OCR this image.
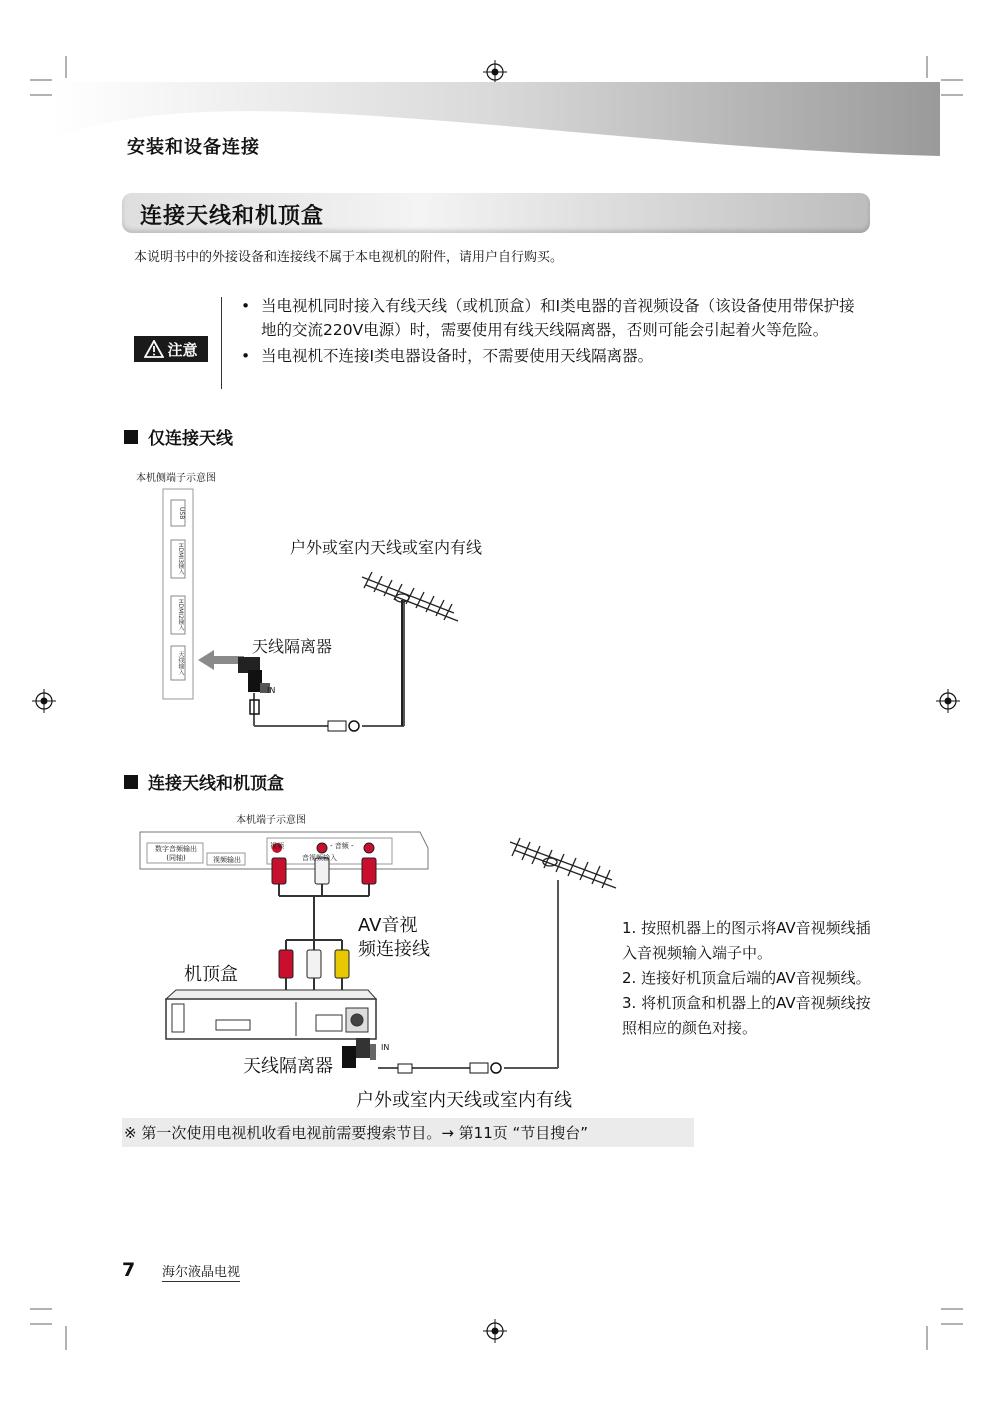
安装和设备连接
连接天线和机顶盒
本说明书中的外接设备和连接线不属于本电视机的附件，请用户自行购买。
注意
• 当电视机同时接入有线天线（或机顶盒）和I类电器的音视频设备（该设备使用带保护接地的交流220V电源）时，需要使用有线天线隔离器，否则可能会引起着火等危险。
• 当电视机不连接I类电器设备时，不需要使用天线隔离器。
仅连接天线
本机侧端子示意图
USB
HDMI3输入
HDMI2输入
天线输入
户外或室内天线或室内有线
天线隔离器
IN
连接天线和机顶盒
本机端子示意图
数字音频输出
(同轴)	视频输出
视频	- 音频 -
音视频输入
AV音视
频连接线
机顶盒
天线隔离器
IN
户外或室内天线或室内有线
1. 按照机器上的图示将AV音视频线插入音视频输入端子中。
2. 连接好机顶盒后端的AV音视频线。
3. 将机顶盒和机器上的AV音视频线按照相应的颜色对接。
※ 第一次使用电视机收看电视前需要搜索节目。→ 第11页 “节目搜台”
7 海尔液晶电视
